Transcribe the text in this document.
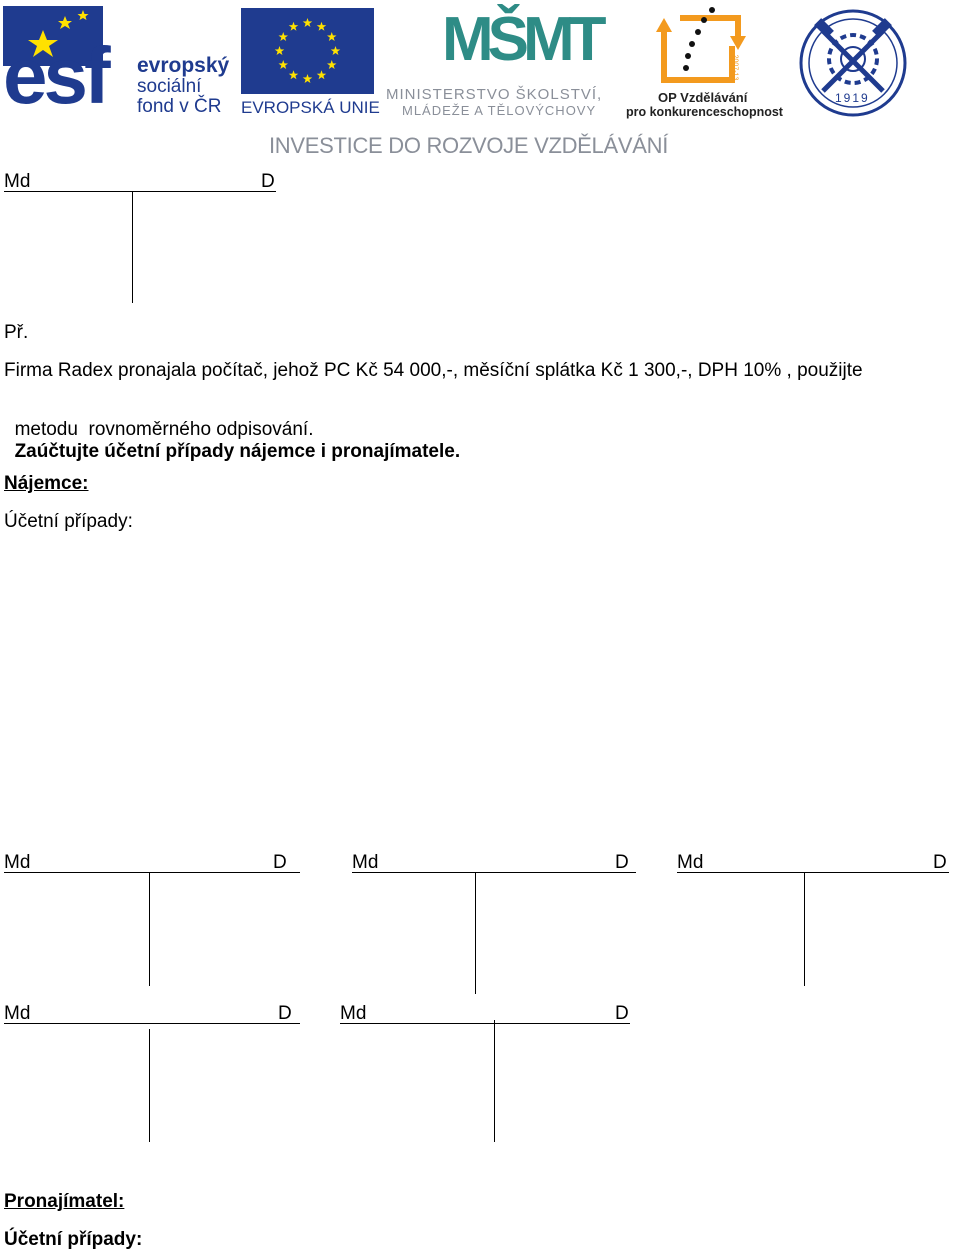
esf evropský
sociální
fond v ČR EVROPSKÁ UNIE
MŠMT
MINISTERSTVO ŠKOLSTVÍ,
MLÁDEŽE A TĚLOVÝCHOVY
2007-13
OP Vzdělávání
pro konkurenceschopnost
1919
INVESTICE DO ROZVOJE VZDĚLÁVÁNÍ
Md	D
Př.
Firma Radex pronajala počítač, jehož PC Kč 54 000,-, měsíční splátka Kč 1 300,-, DPH 10% , použijte

metodu  rovnoměrného odpisování.
Zaúčtujte účetní případy nájemce i pronajímatele.

Nájemce:
Účetní případy:
Md	D	Md	D	Md	D
Md	D	Md	D
Pronajímatel:
Účetní případy:
